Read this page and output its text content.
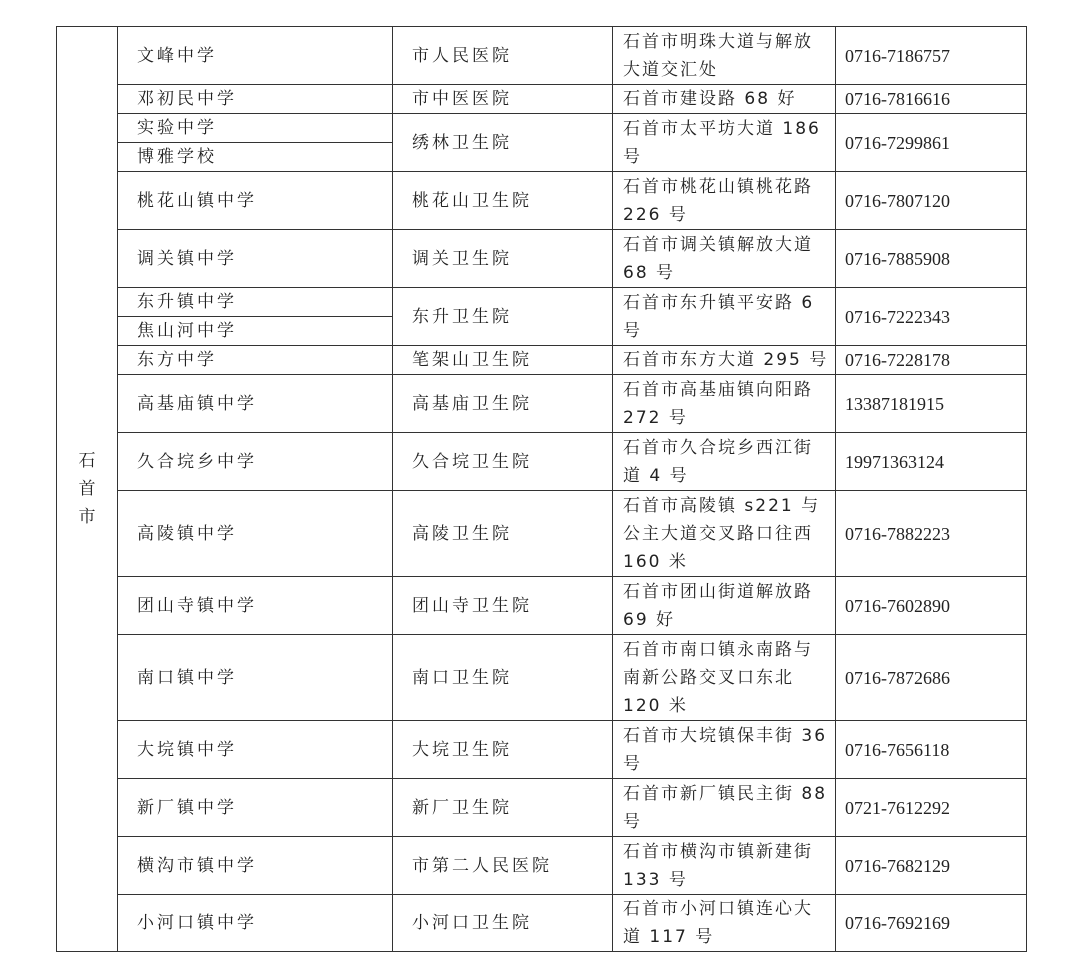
石首市	文峰中学	市人民医院	石首市明珠大道与解放大道交汇处	0716-7186757
	邓初民中学	市中医医院	石首市建设路 68 好	0716-7816616
	实验中学	绣林卫生院	石首市太平坊大道 186 号	0716-7299861
	博雅学校			
	桃花山镇中学	桃花山卫生院	石首市桃花山镇桃花路 226 号	0716-7807120
	调关镇中学	调关卫生院	石首市调关镇解放大道 68 号	0716-7885908
	东升镇中学	东升卫生院	石首市东升镇平安路 6 号	0716-7222343
	焦山河中学			
	东方中学	笔架山卫生院	石首市东方大道 295 号	0716-7228178
	高基庙镇中学	高基庙卫生院	石首市高基庙镇向阳路 272 号	13387181915
	久合垸乡中学	久合垸卫生院	石首市久合垸乡西江街道 4 号	19971363124
	高陵镇中学	高陵卫生院	石首市高陵镇 s221 与公主大道交叉路口往西 160 米	0716-7882223
	团山寺镇中学	团山寺卫生院	石首市团山街道解放路 69 好	0716-7602890
	南口镇中学	南口卫生院	石首市南口镇永南路与南新公路交叉口东北 120 米	0716-7872686
	大垸镇中学	大垸卫生院	石首市大垸镇保丰街 36 号	0716-7656118
	新厂镇中学	新厂卫生院	石首市新厂镇民主街 88 号	0721-7612292
	横沟市镇中学	市第二人民医院	石首市横沟市镇新建街 133 号	0716-7682129
	小河口镇中学	小河口卫生院	石首市小河口镇连心大道 117 号	0716-7692169
